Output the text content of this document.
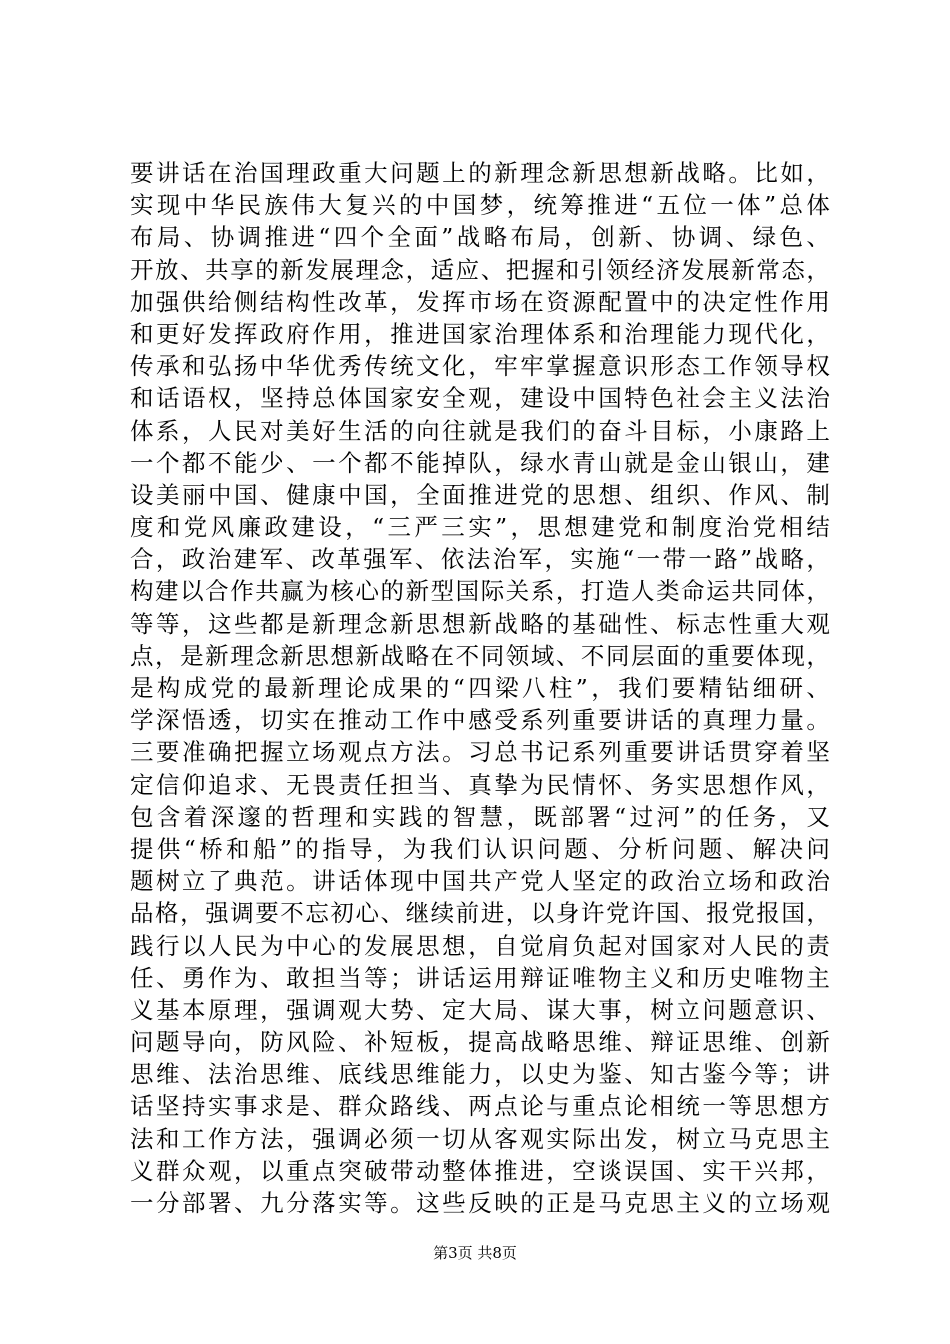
要讲话在治国理政重大问题上的新理念新思想新战略。比如，
实现中华民族伟大复兴的中国梦，统筹推进“五位一体”总体
布局、协调推进“四个全面”战略布局，创新、协调、绿色、
开放、共享的新发展理念，适应、把握和引领经济发展新常态，
加强供给侧结构性改革，发挥市场在资源配置中的决定性作用
和更好发挥政府作用，推进国家治理体系和治理能力现代化，
传承和弘扬中华优秀传统文化，牢牢掌握意识形态工作领导权
和话语权，坚持总体国家安全观，建设中国特色社会主义法治
体系，人民对美好生活的向往就是我们的奋斗目标，小康路上
一个都不能少、一个都不能掉队，绿水青山就是金山银山，建
设美丽中国、健康中国，全面推进党的思想、组织、作风、制
度和党风廉政建设，“三严三实”，思想建党和制度治党相结
合，政治建军、改革强军、依法治军，实施“一带一路”战略，
构建以合作共赢为核心的新型国际关系，打造人类命运共同体，
等等，这些都是新理念新思想新战略的基础性、标志性重大观
点，是新理念新思想新战略在不同领域、不同层面的重要体现，
是构成党的最新理论成果的“四梁八柱”，我们要精钻细研、
学深悟透，切实在推动工作中感受系列重要讲话的真理力量。
三要准确把握立场观点方法。习总书记系列重要讲话贯穿着坚
定信仰追求、无畏责任担当、真挚为民情怀、务实思想作风，
包含着深邃的哲理和实践的智慧，既部署“过河”的任务，又
提供“桥和船”的指导，为我们认识问题、分析问题、解决问
题树立了典范。讲话体现中国共产党人坚定的政治立场和政治
品格，强调要不忘初心、继续前进，以身许党许国、报党报国，
践行以人民为中心的发展思想，自觉肩负起对国家对人民的责
任、勇作为、敢担当等；讲话运用辩证唯物主义和历史唯物主
义基本原理，强调观大势、定大局、谋大事，树立问题意识、
问题导向，防风险、补短板，提高战略思维、辩证思维、创新
思维、法治思维、底线思维能力，以史为鉴、知古鉴今等；讲
话坚持实事求是、群众路线、两点论与重点论相统一等思想方
法和工作方法，强调必须一切从客观实际出发，树立马克思主
义群众观，以重点突破带动整体推进，空谈误国、实干兴邦，
一分部署、九分落实等。这些反映的正是马克思主义的立场观
第3页 共8页
